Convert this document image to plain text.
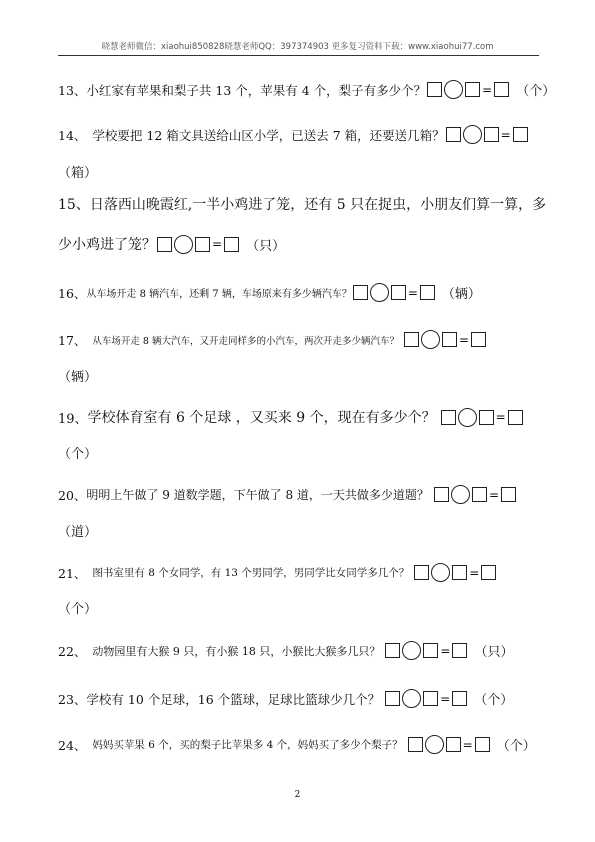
晓慧老师微信：xiaohui850828晓慧老师QQ：397374903 更多复习资料下载：www.xiaohui77.com
13、 小红家有苹果和梨子共 13 个，苹果有 4 个，梨子有多少个？	= （个）
14、 学校要把 12 箱文具送给山区小学，已送去 7 箱，还要送几箱？	=
（箱）
15、 日落西山晚霞红,一半小鸡进了笼，还有 5 只在捉虫，小朋友们算一算，多
少小鸡进了笼？	= （只）
16、 从车场开走 8 辆汽车，还剩 7 辆，车场原来有多少辆汽车？	= （辆）
17、 从车场开走 8 辆大汽车，又开走同样多的小汽车，两次开走多少辆汽车？	=
（辆）
19、 学校体育室有 6 个足球 ，又买来 9 个，现在有多少个？	=
（个）
20、 明明上午做了 9 道数学题，下午做了 8 道，一天共做多少道题？	=
（道）
21、 图书室里有 8 个女同学，有 13 个男同学，男同学比女同学多几个？	=
（个）
22、 动物园里有大猴 9 只，有小猴 18 只，小猴比大猴多几只？	= （只）
23、 学校有 10 个足球，16 个篮球，足球比篮球少几个？	= （个）
24、 妈妈买苹果 6 个，买的梨子比苹果多 4 个，妈妈买了多少个梨子？	= （个）
2
